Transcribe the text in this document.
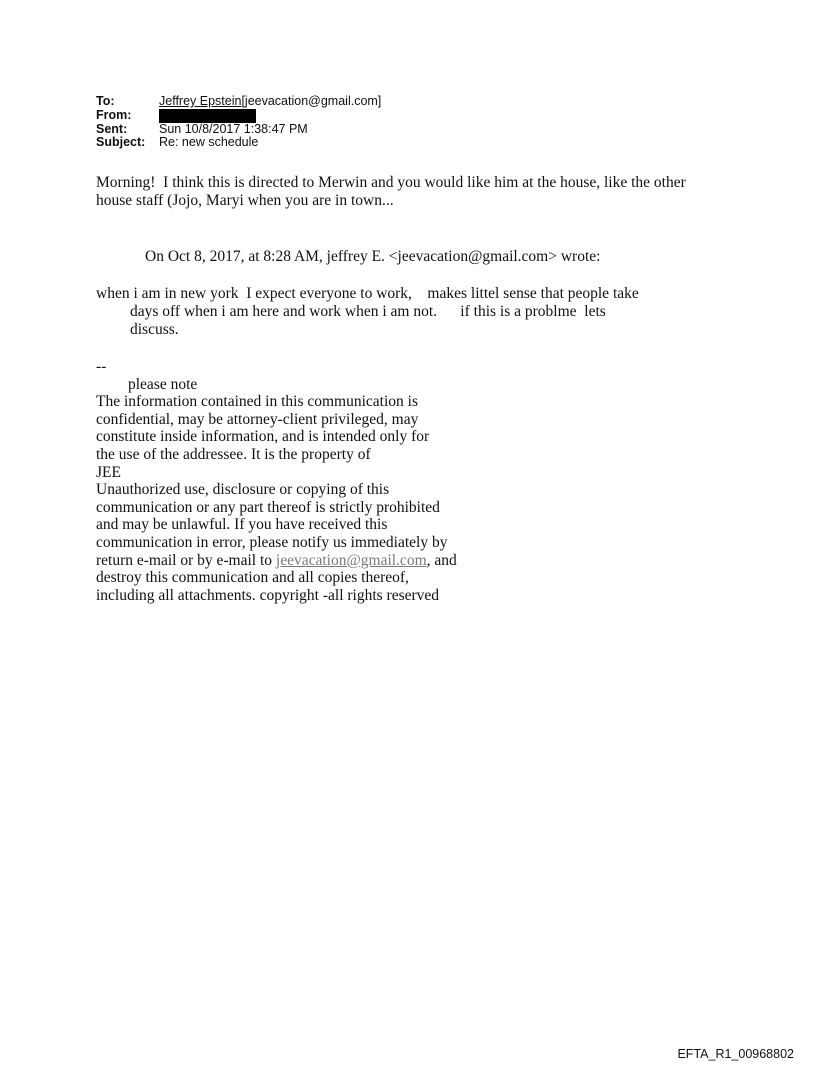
To:	Jeffrey Epstein[jeevacation@gmail.com]
From:
Sent:	Sun 10/8/2017 1:38:47 PM
Subject:	Re: new schedule
Morning!  I think this is directed to Merwin and you would like him at the house, like the other
house staff (Jojo, Maryi when you are in town...
On Oct 8, 2017, at 8:28 AM, jeffrey E. <jeevacation@gmail.com> wrote:
when i am in new york  I expect everyone to work,    makes littel sense that people take
days off when i am here and work when i am not.      if this is a problme  lets
discuss.
--
please note
The information contained in this communication is
confidential, may be attorney-client privileged, may
constitute inside information, and is intended only for
the use of the addressee. It is the property of
JEE
Unauthorized use, disclosure or copying of this
communication or any part thereof is strictly prohibited
and may be unlawful. If you have received this
communication in error, please notify us immediately by
return e-mail or by e-mail to jeevacation@gmail.com, and
destroy this communication and all copies thereof,
including all attachments. copyright -all rights reserved
EFTA_R1_00968802
